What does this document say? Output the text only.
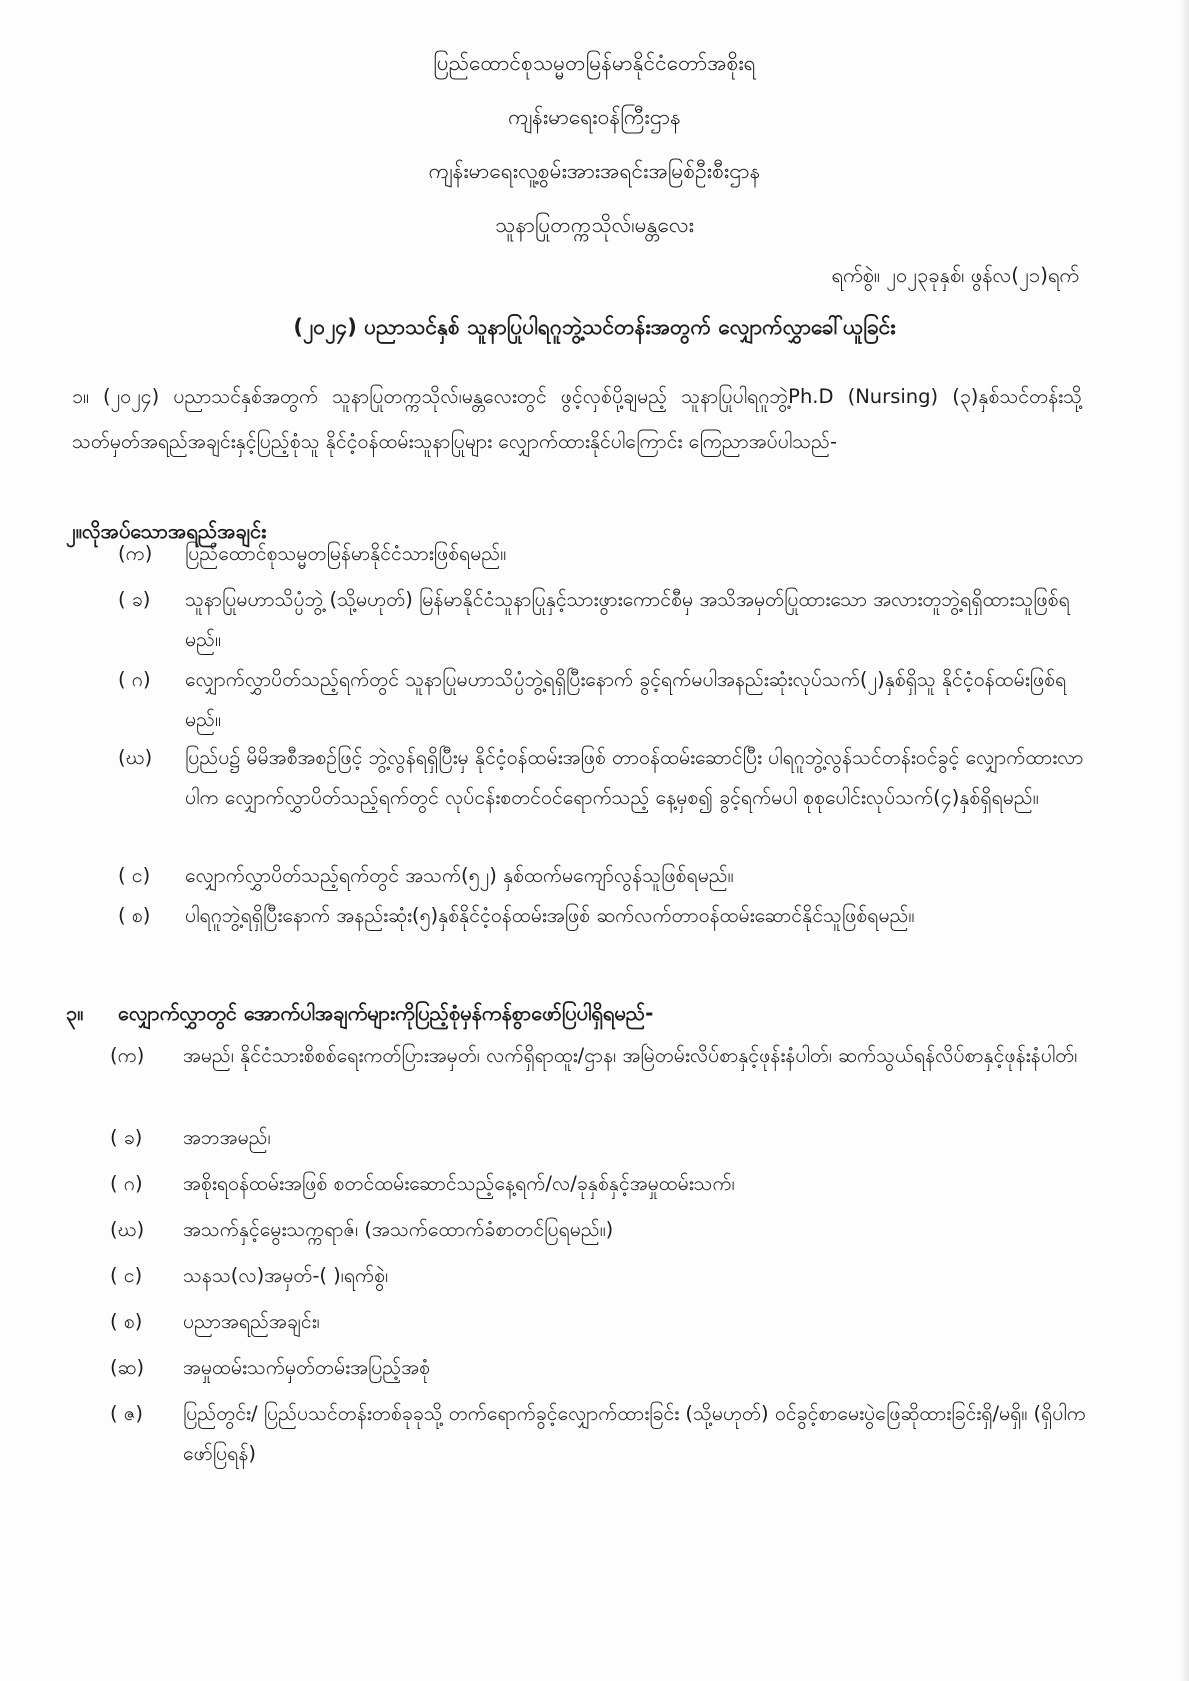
ပြည်ထောင်စုသမ္မတမြန်မာနိုင်ငံတော်အစိုးရ
ကျန်းမာရေးဝန်ကြီးဌာန
ကျန်းမာရေးလူ့စွမ်းအားအရင်းအမြစ်ဦးစီးဌာန
သူနာပြုတက္ကသိုလ်၊မန္တလေး
ရက်စွဲ။ ၂၀၂၃ခုနှစ်၊ ဖွန်လ(၂၁)ရက်
(၂၀၂၄) ပညာသင်နှစ် သူနာပြုပါရဂူဘွဲ့သင်တန်းအတွက် လျှောက်လွှာခေါ်ယူခြင်း
၁။ (၂၀၂၄) ပညာသင်နှစ်အတွက် သူနာပြုတက္ကသိုလ်၊မန္တလေးတွင် ဖွင့်လှစ်ပို့ချမည့် သူနာပြုပါရဂူဘွဲ့Ph.D (Nursing) (၃)နှစ်သင်တန်းသို့ သတ်မှတ်အရည်အချင်းနှင့်ပြည့်စုံသူ နိုင်ငံ့ဝန်ထမ်းသူနာပြုများ လျှောက်ထားနိုင်ပါကြောင်း ကြေညာအပ်ပါသည်-
၂။လိုအပ်သောအရည်အချင်း
(က) ပြည်ထောင်စုသမ္မတမြန်မာနိုင်ငံသားဖြစ်ရမည်။
( ခ) သူနာပြုမဟာသိပ္ပံဘွဲ့ (သို့မဟုတ်) မြန်မာနိုင်ငံသူနာပြုနှင့်သားဖွားကောင်စီမှ အသိအမှတ်ပြုထားသော အလားတူဘွဲ့ရရှိထားသူဖြစ်ရမည်။
( ဂ) လျှောက်လွှာပိတ်သည့်ရက်တွင် သူနာပြုမဟာသိပ္ပံဘွဲ့ရရှိပြီးနောက် ခွင့်ရက်မပါအနည်းဆုံးလုပ်သက်(၂)နှစ်ရှိသူ နိုင်ငံ့ဝန်ထမ်းဖြစ်ရမည်။
(ဃ) ပြည်ပ၌ မိမိအစီအစဉ်ဖြင့် ဘွဲ့လွန်ရရှိပြီးမှ နိုင်ငံ့ဝန်ထမ်းအဖြစ် တာဝန်ထမ်းဆောင်ပြီး ပါရဂူဘွဲ့လွန်သင်တန်းဝင်ခွင့် လျှောက်ထားလာပါက လျှောက်လွှာပိတ်သည့်ရက်တွင် လုပ်ငန်းစတင်ဝင်ရောက်သည့် နေ့မှစ၍ ခွင့်ရက်မပါ စုစုပေါင်းလုပ်သက်(၄)နှစ်ရှိရမည်။
( င) လျှောက်လွှာပိတ်သည့်ရက်တွင် အသက်(၅၂) နှစ်ထက်မကျော်လွန်သူဖြစ်ရမည်။
( စ) ပါရဂူဘွဲ့ရရှိပြီးနောက် အနည်းဆုံး(၅)နှစ်နိုင်ငံ့ဝန်ထမ်းအဖြစ် ဆက်လက်တာဝန်ထမ်းဆောင်နိုင်သူဖြစ်ရမည်။
၃။ လျှောက်လွှာတွင် အောက်ပါအချက်များကိုပြည့်စုံမှန်ကန်စွာဖော်ပြပါရှိရမည်-
(က) အမည်၊ နိုင်ငံသားစိစစ်ရေးကတ်ပြားအမှတ်၊ လက်ရှိရာထူး/ဌာန၊ အမြဲတမ်းလိပ်စာနှင့်ဖုန်းနံပါတ်၊ ဆက်သွယ်ရန်လိပ်စာနှင့်ဖုန်းနံပါတ်၊
( ခ) အဘအမည်၊
( ဂ) အစိုးရဝန်ထမ်းအဖြစ် စတင်ထမ်းဆောင်သည့်နေ့ရက်/လ/ခုနှစ်နှင့်အမှုထမ်းသက်၊
(ဃ) အသက်နှင့်မွေးသက္ကရာဇ်၊ (အသက်ထောက်ခံစာတင်ပြရမည်။)
( င) သနသ(လ)အမှတ်-( )၊ရက်စွဲ၊
( စ) ပညာအရည်အချင်း၊
(ဆ) အမှုထမ်းသက်မှတ်တမ်းအပြည့်အစုံ
( ဇ) ပြည်တွင်း/ ပြည်ပသင်တန်းတစ်ခုခုသို့ တက်ရောက်ခွင့်လျှောက်ထားခြင်း (သို့မဟုတ်) ဝင်ခွင့်စာမေးပွဲဖြေဆိုထားခြင်းရှိ/မရှိ။ (ရှိပါက ဖော်ပြရန်)
